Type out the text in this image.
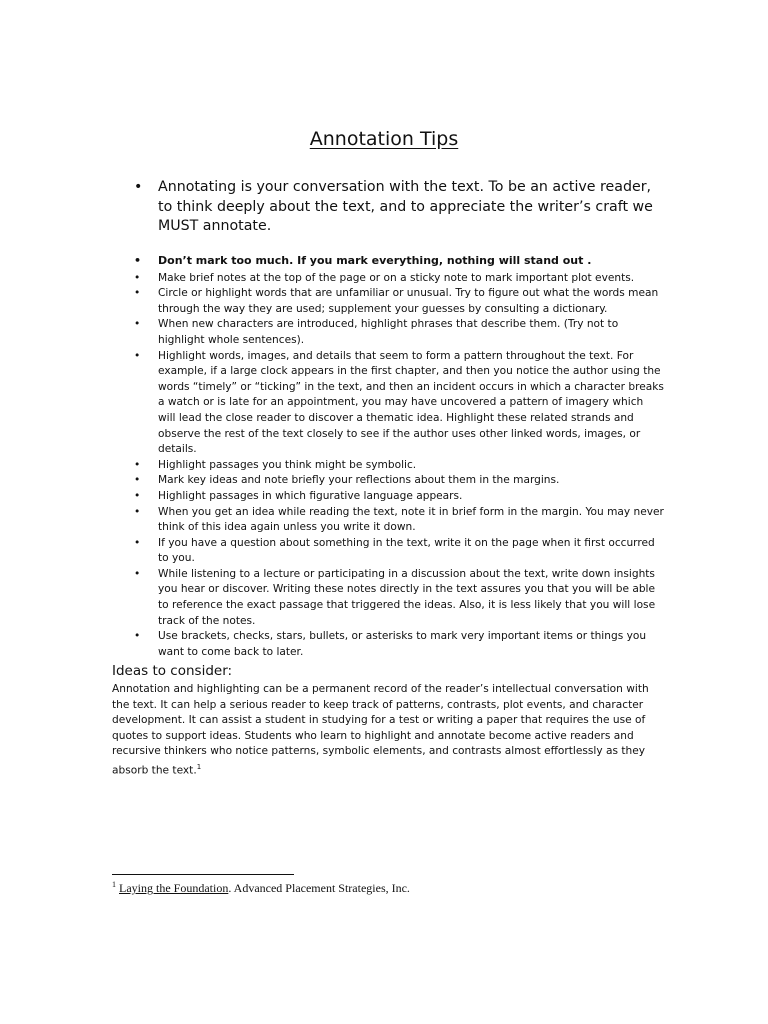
Annotation Tips
•	Annotating is your conversation with the text. To be an active reader, to think deeply about the text, and to appreciate the writer’s craft we MUST annotate.
•	Don’t mark too much. If you mark everything, nothing will stand out .
•	Make brief notes at the top of the page or on a sticky note to mark important plot events.
•	Circle or highlight words that are unfamiliar or unusual. Try to figure out what the words mean through the way they are used; supplement your guesses by consulting a dictionary.
•	When new characters are introduced, highlight phrases that describe them. (Try not to highlight whole sentences).
•	Highlight words, images, and details that seem to form a pattern throughout the text. For example, if a large clock appears in the first chapter, and then you notice the author using the words “timely” or “ticking” in the text, and then an incident occurs in which a character breaks a watch or is late for an appointment, you may have uncovered a pattern of imagery which will lead the close reader to discover a thematic idea. Highlight these related strands and observe the rest of the text closely to see if the author uses other linked words, images, or details.
•	Highlight passages you think might be symbolic.
•	Mark key ideas and note briefly your reflections about them in the margins.
•	Highlight passages in which figurative language appears.
•	When you get an idea while reading the text, note it in brief form in the margin. You may never think of this idea again unless you write it down.
•	If you have a question about something in the text, write it on the page when it first occurred to you.
•	While listening to a lecture or participating in a discussion about the text, write down insights you hear or discover. Writing these notes directly in the text assures you that you will be able to reference the exact passage that triggered the ideas. Also, it is less likely that you will lose track of the notes.
•	Use brackets, checks, stars, bullets, or asterisks to mark very important items or things you want to come back to later.
Ideas to consider:
Annotation and highlighting can be a permanent record of the reader’s intellectual conversation with the text. It can help a serious reader to keep track of patterns, contrasts, plot events, and character development. It can assist a student in studying for a test or writing a paper that requires the use of quotes to support ideas. Students who learn to highlight and annotate become active readers and recursive thinkers who notice patterns, symbolic elements, and contrasts almost effortlessly as they absorb the text.$^1$
$^1$ Laying the Foundation. Advanced Placement Strategies, Inc.
